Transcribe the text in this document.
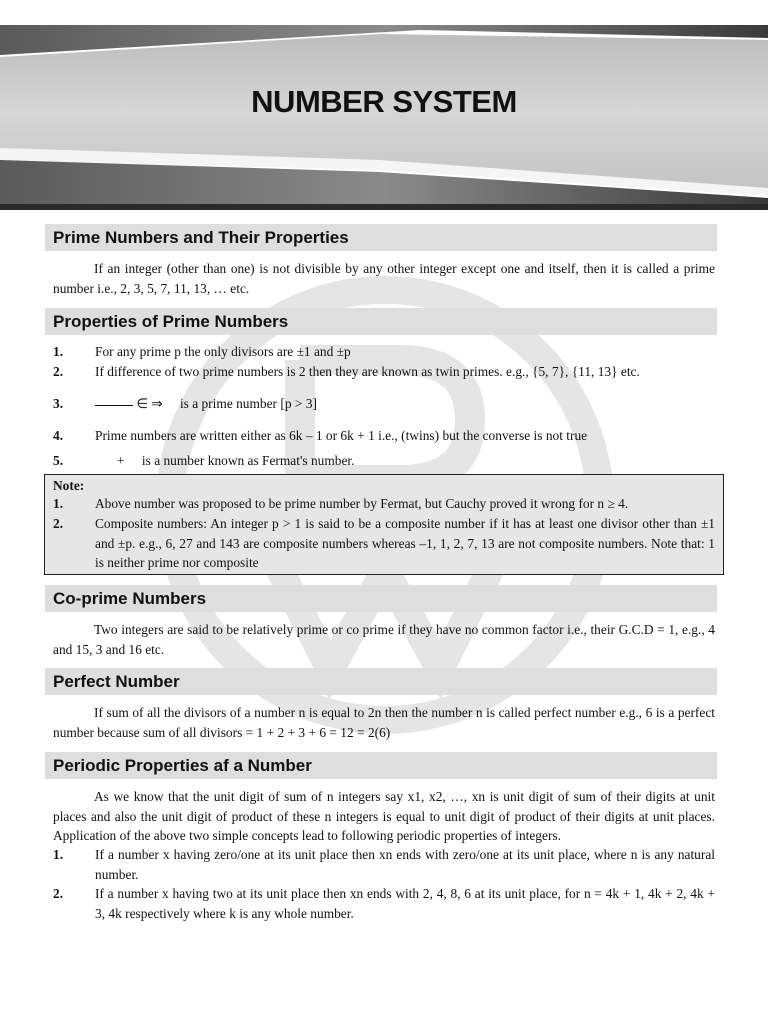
NUMBER SYSTEM
Prime Numbers and Their Properties
If an integer (other than one) is not divisible by any other integer except one and itself, then it is called a prime number i.e., 2, 3, 5, 7, 11, 13, … etc.
Properties of Prime Numbers
1. For any prime p the only divisors are ±1 and ±p
2. If difference of two prime numbers is 2 then they are known as twin primes. e.g., {5, 7}, {11, 13} etc.
3.	∈ ⇒ is a prime number [p > 3]
4. Prime numbers are written either as 6k – 1 or 6k + 1 i.e., (twins) but the converse is not true
5.	+ is a number known as Fermat's number.
Note:
1. Above number was proposed to be prime number by Fermat, but Cauchy proved it wrong for n ≥ 4.
2. Composite numbers: An integer p > 1 is said to be a composite number if it has at least one divisor other than ±1 and ±p. e.g., 6, 27 and 143 are composite numbers whereas –1, 1, 2, 7, 13 are not composite numbers. Note that: 1 is neither prime nor composite
Co-prime Numbers
Two integers are said to be relatively prime or co prime if they have no common factor i.e., their G.C.D = 1, e.g., 4 and 15, 3 and 16 etc.
Perfect Number
If sum of all the divisors of a number n is equal to 2n then the number n is called perfect number e.g., 6 is a perfect number because sum of all divisors = 1 + 2 + 3 + 6 = 12 = 2(6)
Periodic Properties af a Number
As we know that the unit digit of sum of n integers say x1, x2, …, xn is unit digit of sum of their digits at unit places and also the unit digit of product of these n integers is equal to unit digit of product of their digits at unit places. Application of the above two simple concepts lead to following periodic properties of integers.
1. If a number x having zero/one at its unit place then xn ends with zero/one at its unit place, where n is any natural number.
2. If a number x having two at its unit place then xn ends with 2, 4, 8, 6 at its unit place, for n = 4k + 1, 4k + 2, 4k + 3, 4k respectively where k is any whole number.
